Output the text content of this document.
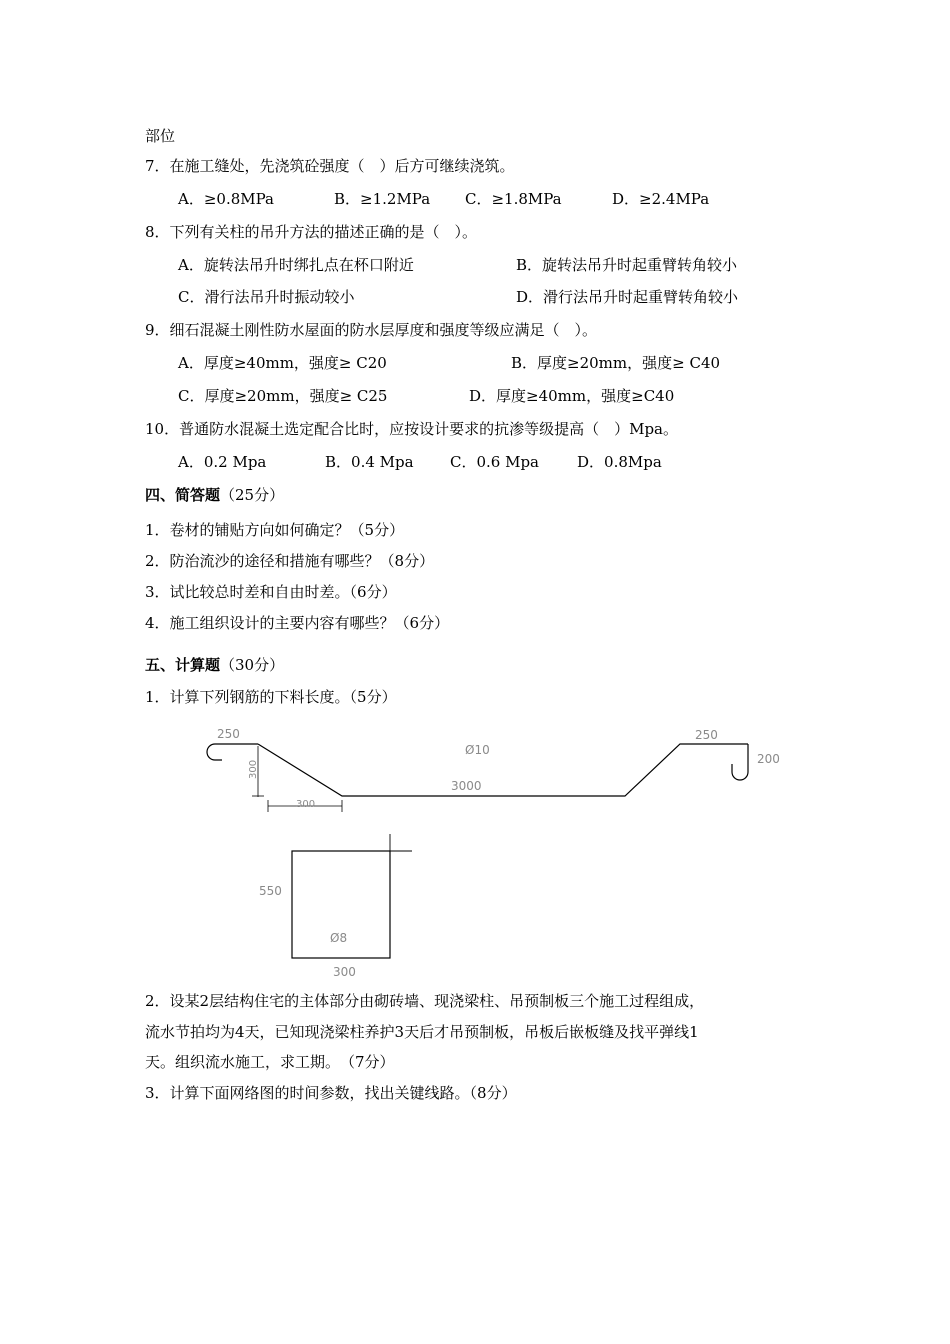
部位
7．在施工缝处，先浇筑砼强度（　）后方可继续浇筑。
A．≥0.8MPa	B．≥1.2MPa C．≥1.8MPa	D．≥2.4MPa
8．下列有关柱的吊升方法的描述正确的是（　）。
A．旋转法吊升时绑扎点在杯口附近	B．旋转法吊升时起重臂转角较小
C．滑行法吊升时振动较小	D．滑行法吊升时起重臂转角较小
9．细石混凝土刚性防水屋面的防水层厚度和强度等级应满足（　）。
A．厚度≥40mm，强度≥ C20	B．厚度≥20mm，强度≥ C40
C．厚度≥20mm，强度≥ C25	D．厚度≥40mm，强度≥C40
10．普通防水混凝土选定配合比时，应按设计要求的抗渗等级提高（　）Mpa。
A．0.2 Mpa	B．0.4 Mpa C．0.6 Mpa	D．0.8Mpa
四、简答题（25分）
1．卷材的铺贴方向如何确定？（5分）
2．防治流沙的途径和措施有哪些？（8分）
3．试比较总时差和自由时差。（6分）
4．施工组织设计的主要内容有哪些？（6分）
五、计算题（30分）
1．计算下列钢筋的下料长度。（5分）
250	250
200
Ø10
3000
300
300
550
300
Ø8
2．设某2层结构住宅的主体部分由砌砖墙、现浇梁柱、吊预制板三个施工过程组成，
流水节拍均为4天，已知现浇梁柱养护3天后才吊预制板，吊板后嵌板缝及找平弹线1
天。组织流水施工，求工期。　（7分）
3．计算下面网络图的时间参数，找出关键线路。（8分）
